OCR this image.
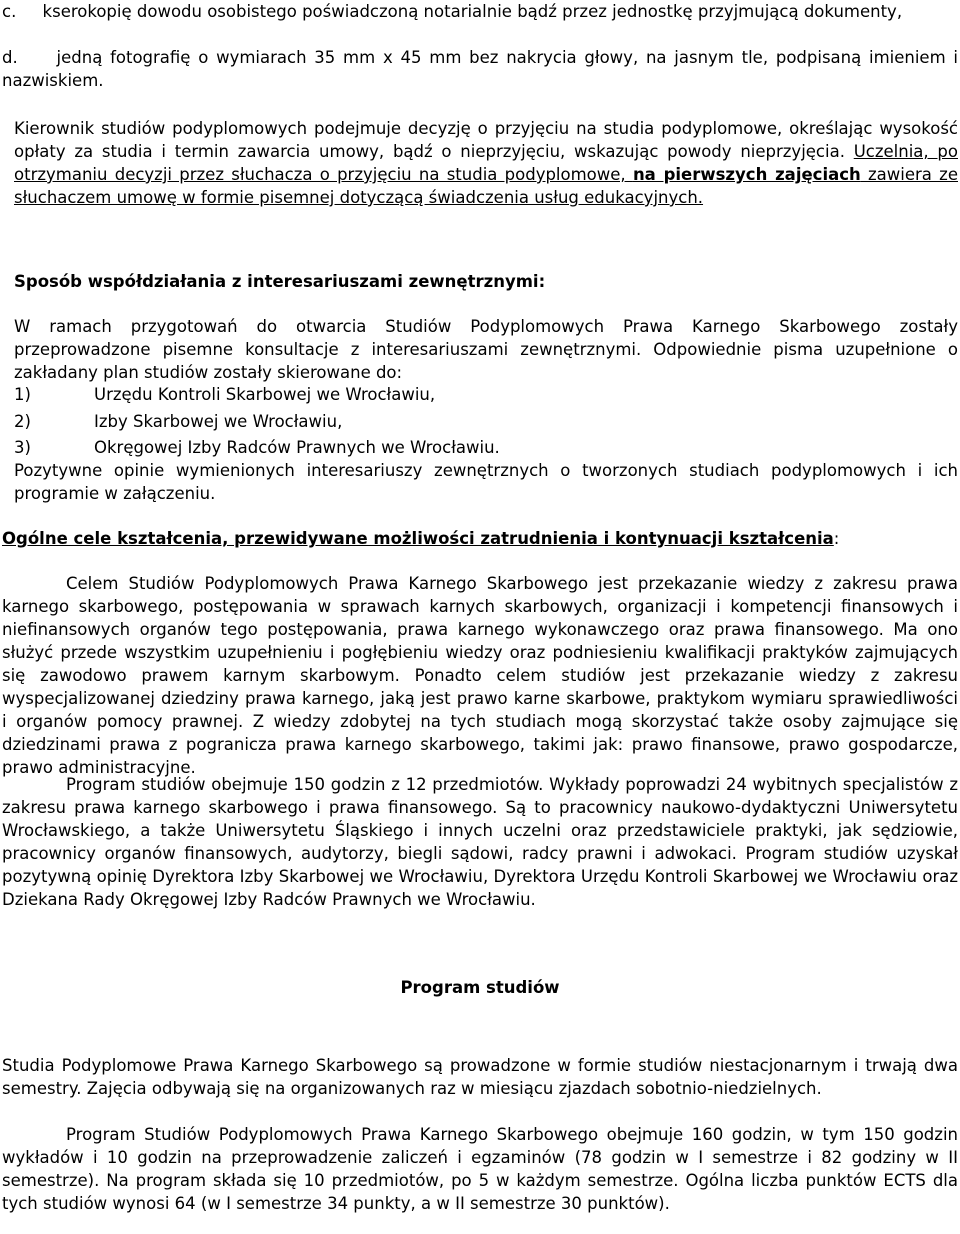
c.     kserokopię dowodu osobistego poświadczoną notarialnie bądź przez jednostkę przyjmującą dokumenty,

d.     jedną fotografię o wymiarach 35 mm x 45 mm bez nakrycia głowy, na jasnym tle, podpisaną imieniem i nazwiskiem.

Kierownik studiów podyplomowych podejmuje decyzję o przyjęciu na studia podyplomowe, określając wysokość opłaty za studia i termin zawarcia umowy, bądź o nieprzyjęciu, wskazując powody nieprzyjęcia. Uczelnia, po otrzymaniu decyzji przez słuchacza o przyjęciu na studia podyplomowe, na pierwszych zajęciach zawiera ze słuchaczem umowę w formie pisemnej dotyczącą świadczenia usług edukacyjnych.

Sposób współdziałania z interesariuszami zewnętrznymi:

W ramach przygotowań do otwarcia Studiów Podyplomowych Prawa Karnego Skarbowego zostały przeprowadzone pisemne konsultacje z interesariuszami zewnętrznymi. Odpowiednie pisma uzupełnione o zakładany plan studiów zostały skierowane do:

1)	Urzędu Kontroli Skarbowej we Wrocławiu,
2)	Izby Skarbowej we Wrocławiu,
3)	Okręgowej Izby Radców Prawnych we Wrocławiu.

Pozytywne opinie wymienionych interesariuszy zewnętrznych o tworzonych studiach podyplomowych i ich programie w załączeniu.

Ogólne cele kształcenia, przewidywane możliwości zatrudnienia i kontynuacji kształcenia:

Celem Studiów Podyplomowych Prawa Karnego Skarbowego jest przekazanie wiedzy z zakresu prawa karnego skarbowego, postępowania w sprawach karnych skarbowych, organizacji i kompetencji finansowych i niefinansowych organów tego postępowania, prawa karnego wykonawczego oraz prawa finansowego. Ma ono służyć przede wszystkim uzupełnieniu i pogłębieniu wiedzy oraz podniesieniu kwalifikacji praktyków zajmujących się zawodowo prawem karnym skarbowym. Ponadto celem studiów jest przekazanie wiedzy z zakresu wyspecjalizowanej dziedziny prawa karnego, jaką jest prawo karne skarbowe, praktykom wymiaru sprawiedliwości i organów pomocy prawnej. Z wiedzy zdobytej na tych studiach mogą skorzystać także osoby zajmujące się dziedzinami prawa z pogranicza prawa karnego skarbowego, takimi jak: prawo finansowe, prawo gospodarcze, prawo administracyjne.

Program studiów obejmuje 150 godzin z 12 przedmiotów. Wykłady poprowadzi 24 wybitnych specjalistów z zakresu prawa karnego skarbowego i prawa finansowego. Są to pracownicy naukowo-dydaktyczni Uniwersytetu Wrocławskiego, a także Uniwersytetu Śląskiego i innych uczelni oraz przedstawiciele praktyki, jak sędziowie, pracownicy organów finansowych, audytorzy, biegli sądowi, radcy prawni i adwokaci. Program studiów uzyskał pozytywną opinię Dyrektora Izby Skarbowej we Wrocławiu, Dyrektora Urzędu Kontroli Skarbowej we Wrocławiu oraz Dziekana Rady Okręgowej Izby Radców Prawnych we Wrocławiu.

Program studiów

Studia Podyplomowe Prawa Karnego Skarbowego są prowadzone w formie studiów niestacjonarnym i trwają dwa semestry. Zajęcia odbywają się na organizowanych raz w miesiącu zjazdach sobotnio-niedzielnych.

Program Studiów Podyplomowych Prawa Karnego Skarbowego obejmuje 160 godzin, w tym 150 godzin wykładów i 10 godzin na przeprowadzenie zaliczeń i egzaminów (78 godzin w I semestrze i 82 godziny w II semestrze). Na program składa się 10 przedmiotów, po 5 w każdym semestrze. Ogólna liczba punktów ECTS dla tych studiów wynosi 64 (w I semestrze 34 punkty, a w II semestrze 30 punktów).
